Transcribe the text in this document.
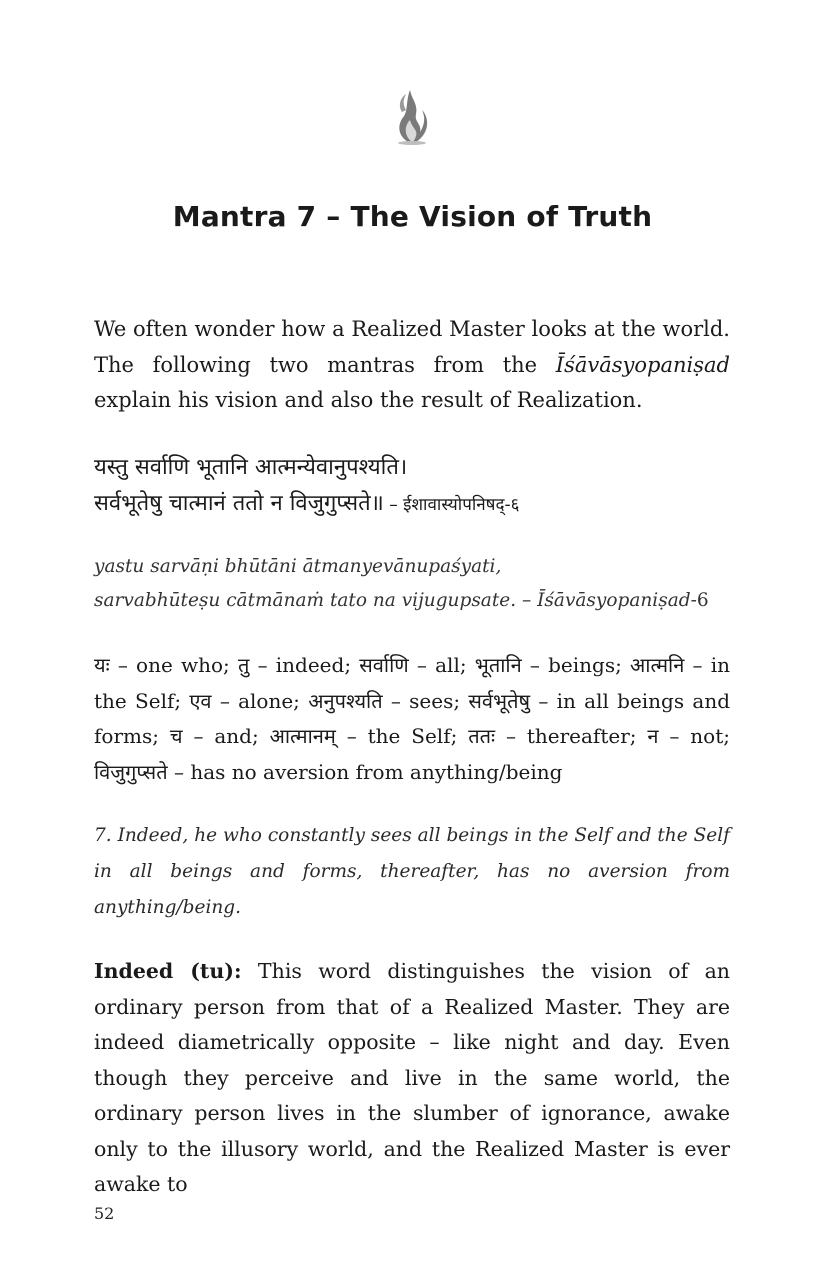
Mantra 7 – The Vision of Truth

We often wonder how a Realized Master looks at the world. The following two mantras from the Īśāvāsyopaniṣad explain his vision and also the result of Realization.

यस्तु सर्वाणि भूतानि आत्मन्येवानुपश्यति।
सर्वभूतेषु चात्मानं ततो न विजुगुप्सते॥ – ईशावास्योपनिषद्-६
yastu sarvāṇi bhūtāni ātmanyevānupaśyati,
sarvabhūteṣu cātmānaṁ tato na vijugupsate. – Īśāvāsyopaniṣad-6
यः – one who; तु – indeed; सर्वाणि – all; भूतानि – beings; आत्मनि – in the Self; एव – alone; अनुपश्यति – sees; सर्वभूतेषु – in all beings and forms; च – and; आत्मानम् – the Self; ततः – thereafter; न – not; विजुगुप्सते – has no aversion from anything/being
7. Indeed, he who constantly sees all beings in the Self and the Self in all beings and forms, thereafter, has no aversion from anything/being.
Indeed (tu): This word distinguishes the vision of an ordinary person from that of a Realized Master. They are indeed diametrically opposite – like night and day. Even though they perceive and live in the same world, the ordinary person lives in the slumber of ignorance, awake only to the illusory world, and the Realized Master is ever awake to
52
